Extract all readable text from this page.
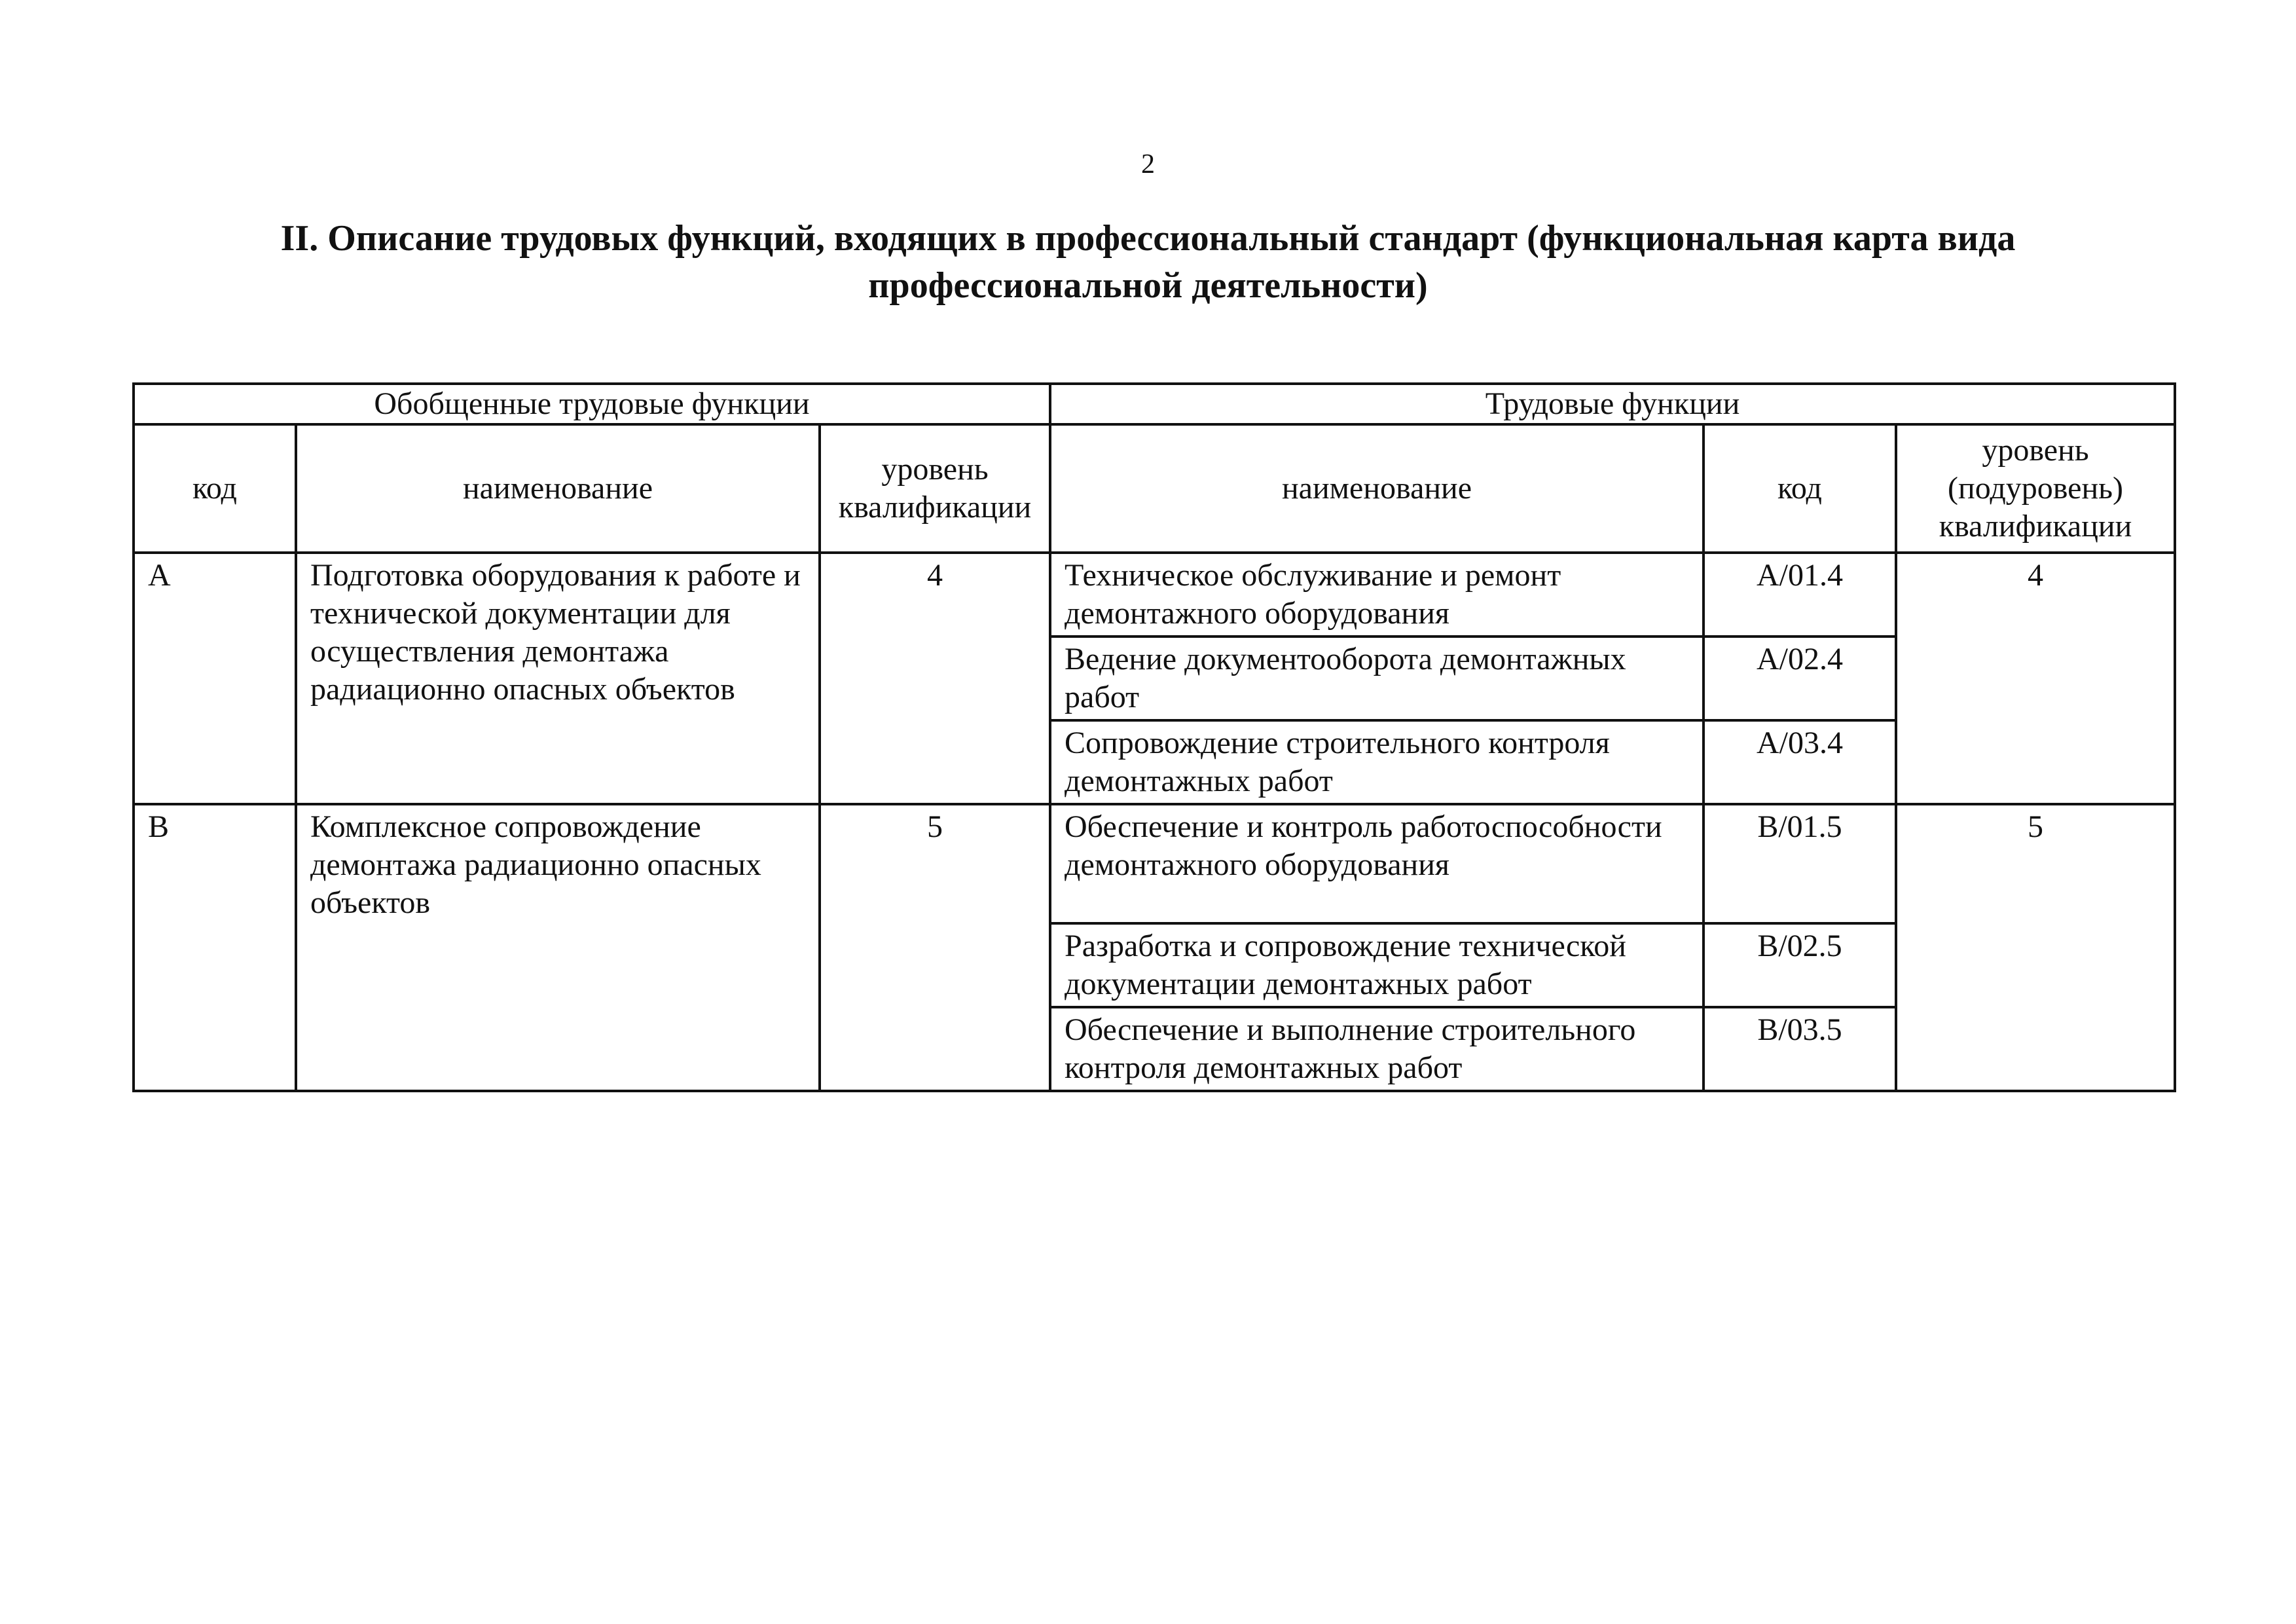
2
II. Описание трудовых функций, входящих в профессиональный стандарт (функциональная карта вида профессиональной деятельности)
Обобщенные трудовые функции			Трудовые функции		
код	наименование	уровень квалификации	наименование	код	уровень (подуровень) квалификации
A	Подготовка оборудования к работе и технической документации для осуществления демонтажа радиационно опасных объектов	4	Техническое обслуживание и ремонт демонтажного оборудования	A/01.4	4
			Ведение документооборота демонтажных работ	A/02.4	
			Сопровождение строительного контроля демонтажных работ	A/03.4	
B	Комплексное сопровождение демонтажа радиационно опасных объектов	5	Обеспечение и контроль работоспособности демонтажного оборудования	B/01.5	5
			Разработка и сопровождение технической документации демонтажных работ	B/02.5	
			Обеспечение и выполнение строительного контроля демонтажных работ	B/03.5	
